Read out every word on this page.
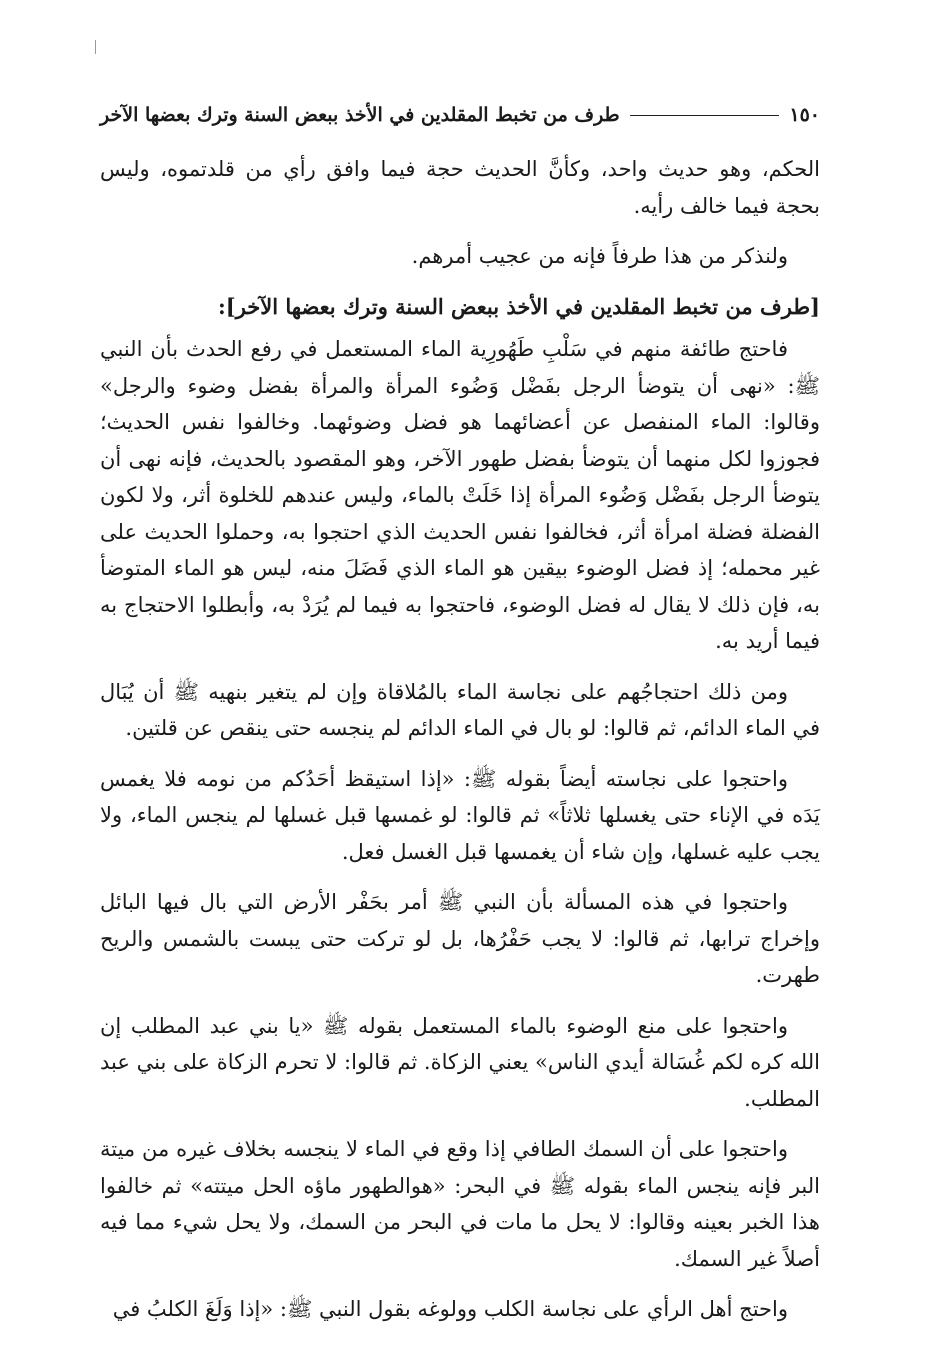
١٥٠
طرف من تخبط المقلدين في الأخذ ببعض السنة وترك بعضها الآخر

الحكم، وهو حديث واحد، وكأنَّ الحديث حجة فيما وافق رأي من قلدتموه، وليس بحجة فيما خالف رأيه.

ولنذكر من هذا طرفاً فإنه من عجيب أمرهم.

[طرف من تخبط المقلدين في الأخذ ببعض السنة وترك بعضها الآخر]:

فاحتج طائفة منهم في سَلْبِ طَهُورِية الماء المستعمل في رفع الحدث بأن النبي ﷺ: «نهى أن يتوضأ الرجل بفَضْل وَضُوء المرأة والمرأة بفضل وضوء والرجل» وقالوا: الماء المنفصل عن أعضائهما هو فضل وضوئهما. وخالفوا نفس الحديث؛ فجوزوا لكل منهما أن يتوضأ بفضل طهور الآخر، وهو المقصود بالحديث، فإنه نهى أن يتوضأ الرجل بفَضْل وَضُوء المرأة إذا خَلَتْ بالماء، وليس عندهم للخلوة أثر، ولا لكون الفضلة فضلة امرأة أثر، فخالفوا نفس الحديث الذي احتجوا به، وحملوا الحديث على غير محمله؛ إذ فضل الوضوء بيقين هو الماء الذي فَضَلَ منه، ليس هو الماء المتوضأ به، فإن ذلك لا يقال له فضل الوضوء، فاحتجوا به فيما لم يُرَدْ به، وأبطلوا الاحتجاج به فيما أريد به.

ومن ذلك احتجاجُهم على نجاسة الماء بالمُلاقاة وإن لم يتغير بنهيه ﷺ أن يُبَال في الماء الدائم، ثم قالوا: لو بال في الماء الدائم لم ينجسه حتى ينقص عن قلتين.

واحتجوا على نجاسته أيضاً بقوله ﷺ: «إذا استيقظ أحَدُكم من نومه فلا يغمس يَدَه في الإناء حتى يغسلها ثلاثاً» ثم قالوا: لو غمسها قبل غسلها لم ينجس الماء، ولا يجب عليه غسلها، وإن شاء أن يغمسها قبل الغسل فعل.

واحتجوا في هذه المسألة بأن النبي ﷺ أمر بحَفْر الأرض التي بال فيها البائل وإخراج ترابها، ثم قالوا: لا يجب حَفْرُها، بل لو تركت حتى يبست بالشمس والريح طهرت.

واحتجوا على منع الوضوء بالماء المستعمل بقوله ﷺ «يا بني عبد المطلب إن الله كره لكم غُسَالة أيدي الناس» يعني الزكاة. ثم قالوا: لا تحرم الزكاة على بني عبد المطلب.

واحتجوا على أن السمك الطافي إذا وقع في الماء لا ينجسه بخلاف غيره من ميتة البر فإنه ينجس الماء بقوله ﷺ في البحر: «هوالطهور ماؤه الحل ميتته» ثم خالفوا هذا الخبر بعينه وقالوا: لا يحل ما مات في البحر من السمك، ولا يحل شيء مما فيه أصلاً غير السمك.

واحتج أهل الرأي على نجاسة الكلب وولوغه بقول النبي ﷺ: «إذا وَلَغَ الكلبُ في
